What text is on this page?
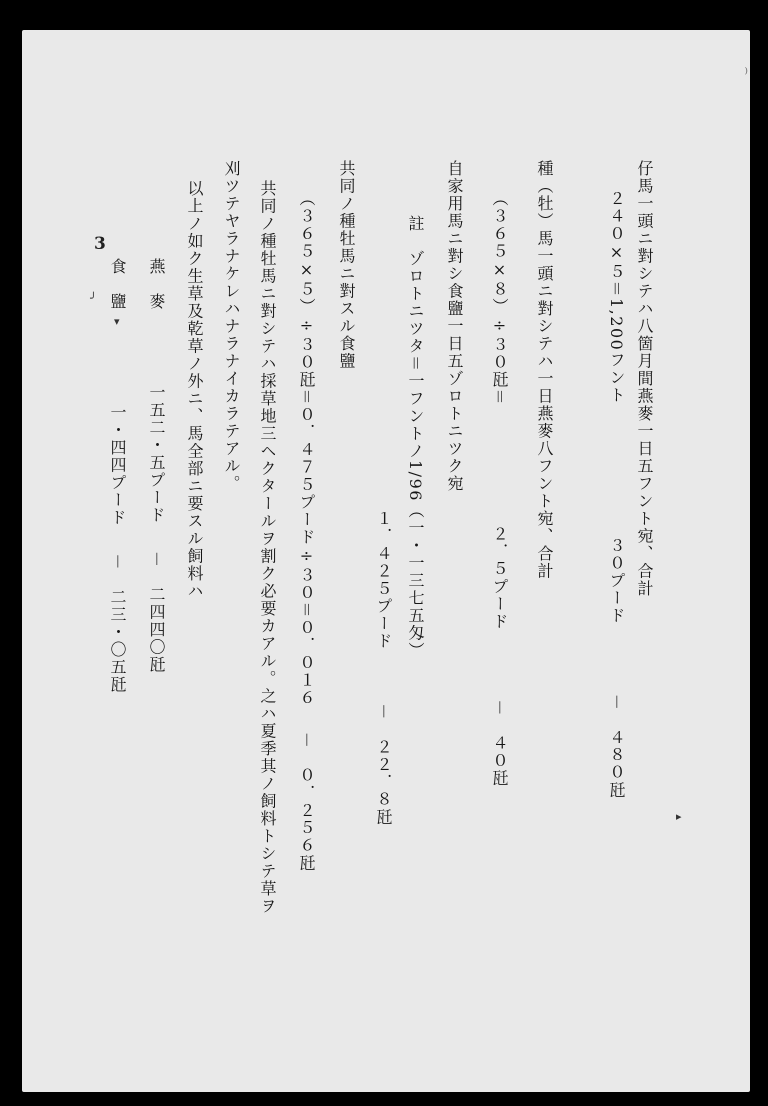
3
⁾
╯
▾
▸
仔馬一頭ニ對シテハ八箇月間燕麥一日五フント宛、合計
２４０×５＝1,200フント  ３０プード  －　４８０瓩
種（牡）馬一頭ニ對シテハ一日燕麥八フント宛、合計
（３６５×８）÷３０瓩＝  ２．５プード  －　４０瓩
自家用馬ニ對シ食鹽一日五ゾロトニツク宛
註　ゾロトニツタ＝一フントノ1/96（一・一三七五匁）
１．４２５プード  －　２２．８瓩
共同ノ種牡馬ニ對スル食鹽
（３６５×５）÷３０瓩＝０．４７５プード÷３０＝０．０１６  －　０．２５６瓩
共同ノ種牡馬ニ對シテハ採草地三ヘクタールヲ割ク必要カアル。之ハ夏季其ノ飼料トシテ草ヲ
刈ツテヤラナケレハナラナイカラテアル。
以上ノ如ク生草及乾草ノ外ニ、馬全部ニ要スル飼料ハ
燕　麥  一五二・五プード  －　二四四〇瓩
食　鹽  一・四四プード  －　二三・〇五瓩
